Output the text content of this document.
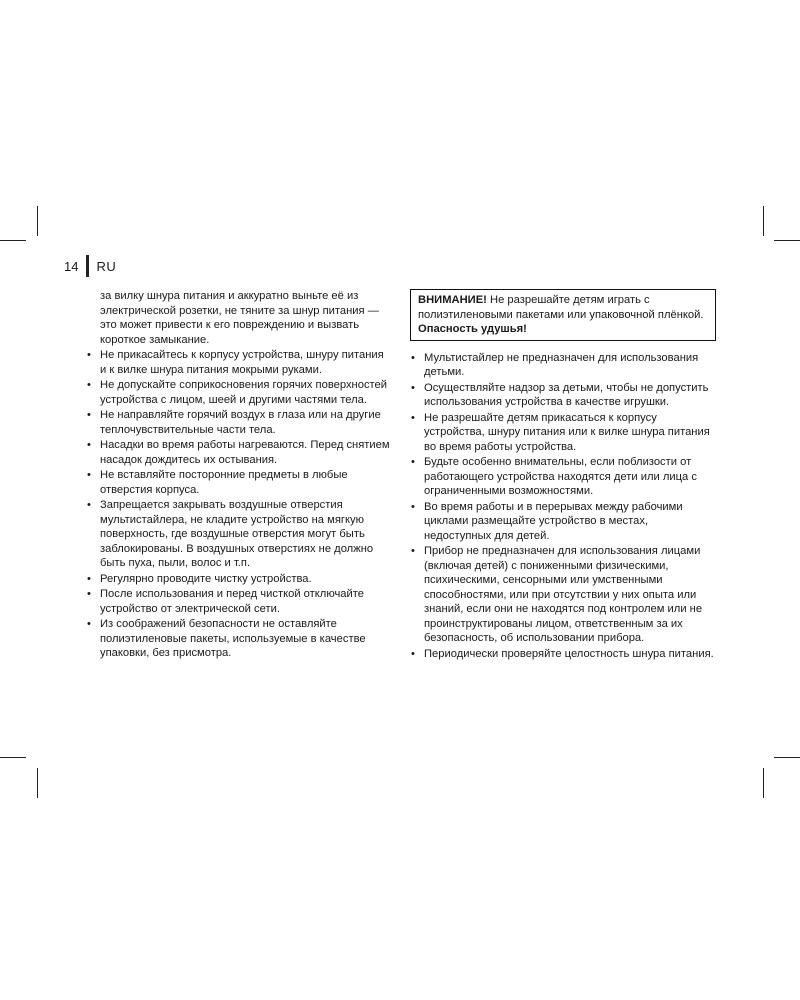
14 RU
за вилку шнура питания и аккуратно выньте её из электрической розетки, не тяните за шнур питания — это может привести к его повреждению и вызвать короткое замыкание.
• Не прикасайтесь к корпусу устройства, шнуру питания и к вилке шнура питания мокрыми руками.
• Не допускайте соприкосновения горячих поверхностей устройства с лицом, шеей и другими частями тела.
• Не направляйте горячий воздух в глаза или на другие теплочувствительные части тела.
• Насадки во время работы нагреваются. Перед снятием насадок дождитесь их остывания.
• Не вставляйте посторонние предметы в любые отверстия корпуса.
• Запрещается закрывать воздушные отверстия мультистайлера, не кладите устройство на мягкую поверхность, где воздушные отверстия могут быть заблокированы. В воздушных отверстиях не должно быть пуха, пыли, волос и т.п.
• Регулярно проводите чистку устройства.
• После использования и перед чисткой отключайте устройство от электрической сети.
• Из соображений безопасности не оставляйте полиэтиленовые пакеты, используемые в качестве упаковки, без присмотра.
ВНИМАНИЕ! Не разрешайте детям играть с полиэтиленовыми пакетами или упаковочной плёнкой.
Опасность удушья!
• Мультистайлер не предназначен для использования детьми.
• Осуществляйте надзор за детьми, чтобы не допустить использования устройства в качестве игрушки.
• Не разрешайте детям прикасаться к корпусу устройства, шнуру питания или к вилке шнура питания во время работы устройства.
• Будьте особенно внимательны, если поблизости от работающего устройства находятся дети или лица с ограниченными возможностями.
• Во время работы и в перерывах между рабочими циклами размещайте устройство в местах, недоступных для детей.
• Прибор не предназначен для использования лицами (включая детей) с пониженными физическими, психическими, сенсорными или умственными способностями, или при отсутствии у них опыта или знаний, если они не находятся под контролем или не проинструктированы лицом, ответственным за их безопасность, об использовании прибора.
• Периодически проверяйте целостность шнура питания.
